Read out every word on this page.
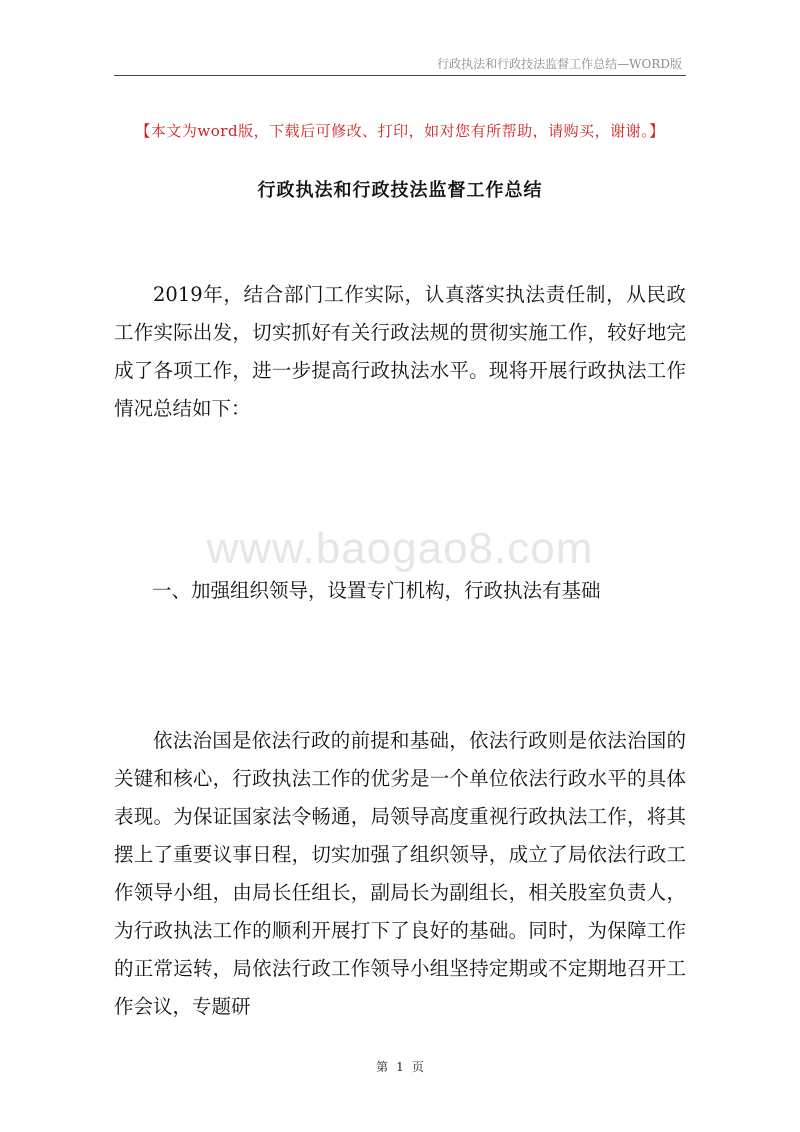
行政执法和行政技法监督工作总结—WORD版
【本文为word版，下载后可修改、打印，如对您有所帮助，请购买，谢谢。】
行政执法和行政技法监督工作总结

2019年，结合部门工作实际，认真落实执法责任制，从民政工作实际出发，切实抓好有关行政法规的贯彻实施工作，较好地完成了各项工作，进一步提高行政执法水平。现将开展行政执法工作情况总结如下：

www.baogao8.com
一、加强组织领导，设置专门机构，行政执法有基础

依法治国是依法行政的前提和基础，依法行政则是依法治国的关键和核心，行政执法工作的优劣是一个单位依法行政水平的具体表现。为保证国家法令畅通，局领导高度重视行政执法工作，将其摆上了重要议事日程，切实加强了组织领导，成立了局依法行政工作领导小组，由局长任组长，副局长为副组长，相关股室负责人，为行政执法工作的顺利开展打下了良好的基础。同时，为保障工作的正常运转，局依法行政工作领导小组坚持定期或不定期地召开工作会议，专题研

第 1 页
